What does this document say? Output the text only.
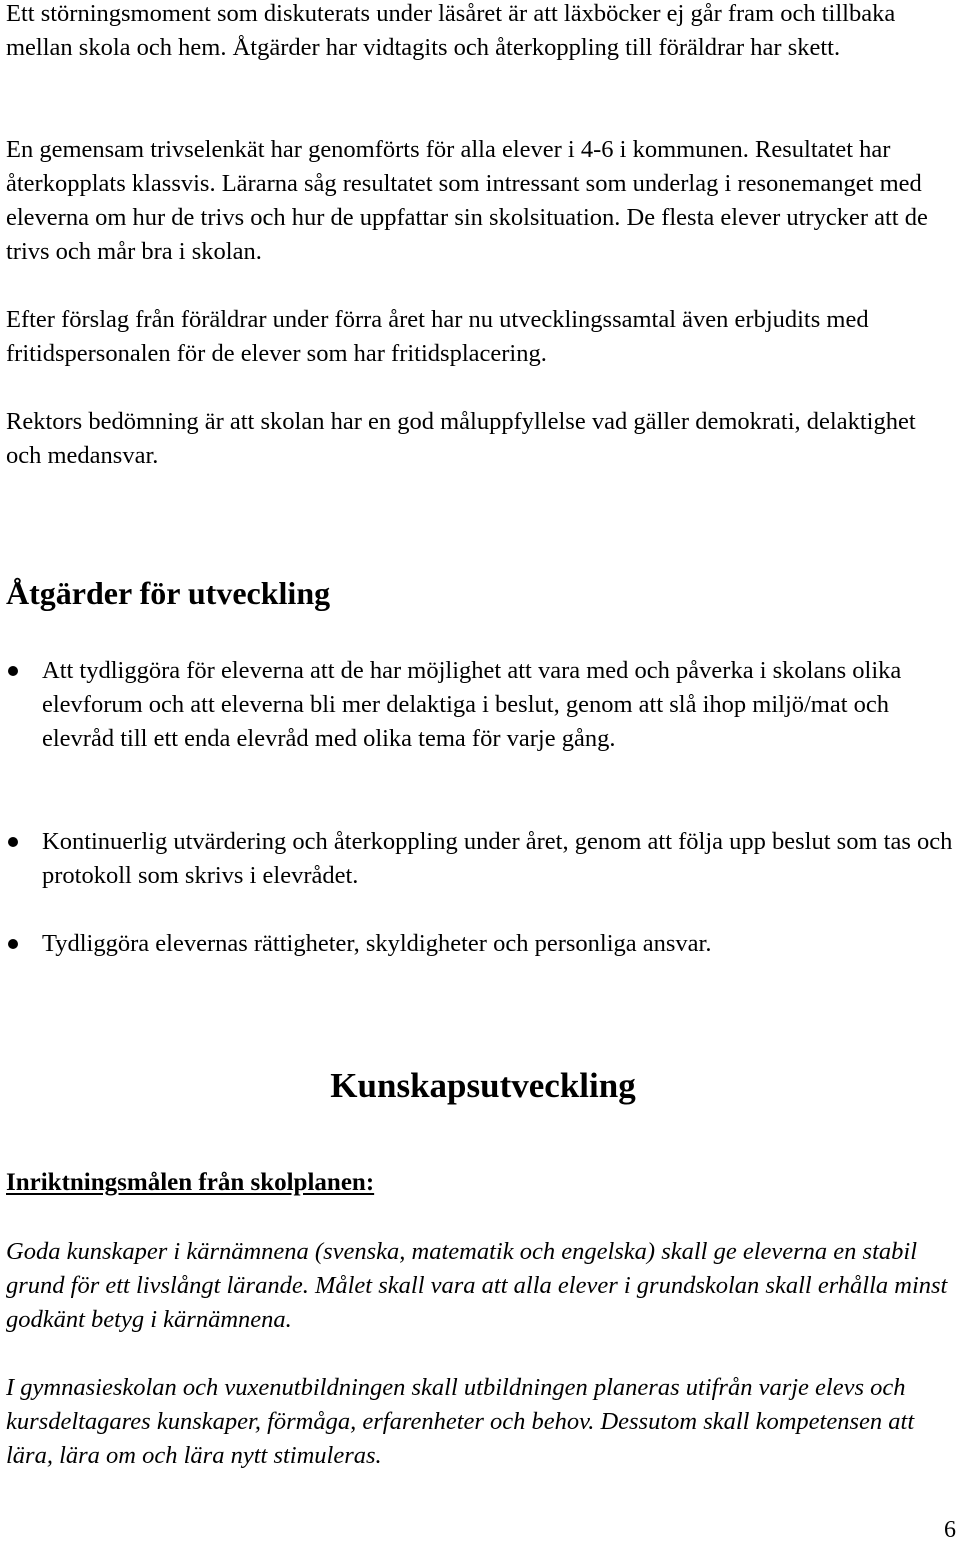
Ett störningsmoment som diskuterats under läsåret är att läxböcker ej går fram och tillbaka mellan skola och hem. Åtgärder har vidtagits och återkoppling till föräldrar har skett.

En gemensam trivselenkät har genomförts för alla elever i 4-6 i kommunen. Resultatet har återkopplats klassvis. Lärarna såg resultatet som intressant som underlag i resonemanget med eleverna om hur de trivs och hur de uppfattar sin skolsituation. De flesta elever utrycker att de trivs och mår bra i skolan.

Efter förslag från föräldrar under förra året har nu utvecklingssamtal även erbjudits med fritidspersonalen för de elever som har fritidsplacering.

Rektors bedömning är att skolan har en god måluppfyllelse vad gäller demokrati, delaktighet och medansvar.

Åtgärder för utveckling
Att tydliggöra för eleverna att de har möjlighet att vara med och påverka i skolans olika elevforum och att eleverna bli mer delaktiga i beslut, genom att slå ihop miljö/mat och elevråd till ett enda elevråd med olika tema för varje gång.
Kontinuerlig utvärdering och återkoppling under året, genom att följa upp beslut som tas och protokoll som skrivs i elevrådet.
Tydliggöra elevernas rättigheter, skyldigheter och personliga ansvar.
Kunskapsutveckling
Inriktningsmålen från skolplanen:

Goda kunskaper i kärnämnena (svenska, matematik och engelska) skall ge eleverna en stabil grund för ett livslångt lärande. Målet skall vara att alla elever i grundskolan skall erhålla minst godkänt betyg i kärnämnena.

I gymnasieskolan och vuxenutbildningen skall utbildningen planeras utifrån varje elevs och kursdeltagares kunskaper, förmåga, erfarenheter och behov. Dessutom skall kompetensen att lära, lära om och lära nytt stimuleras.

6
